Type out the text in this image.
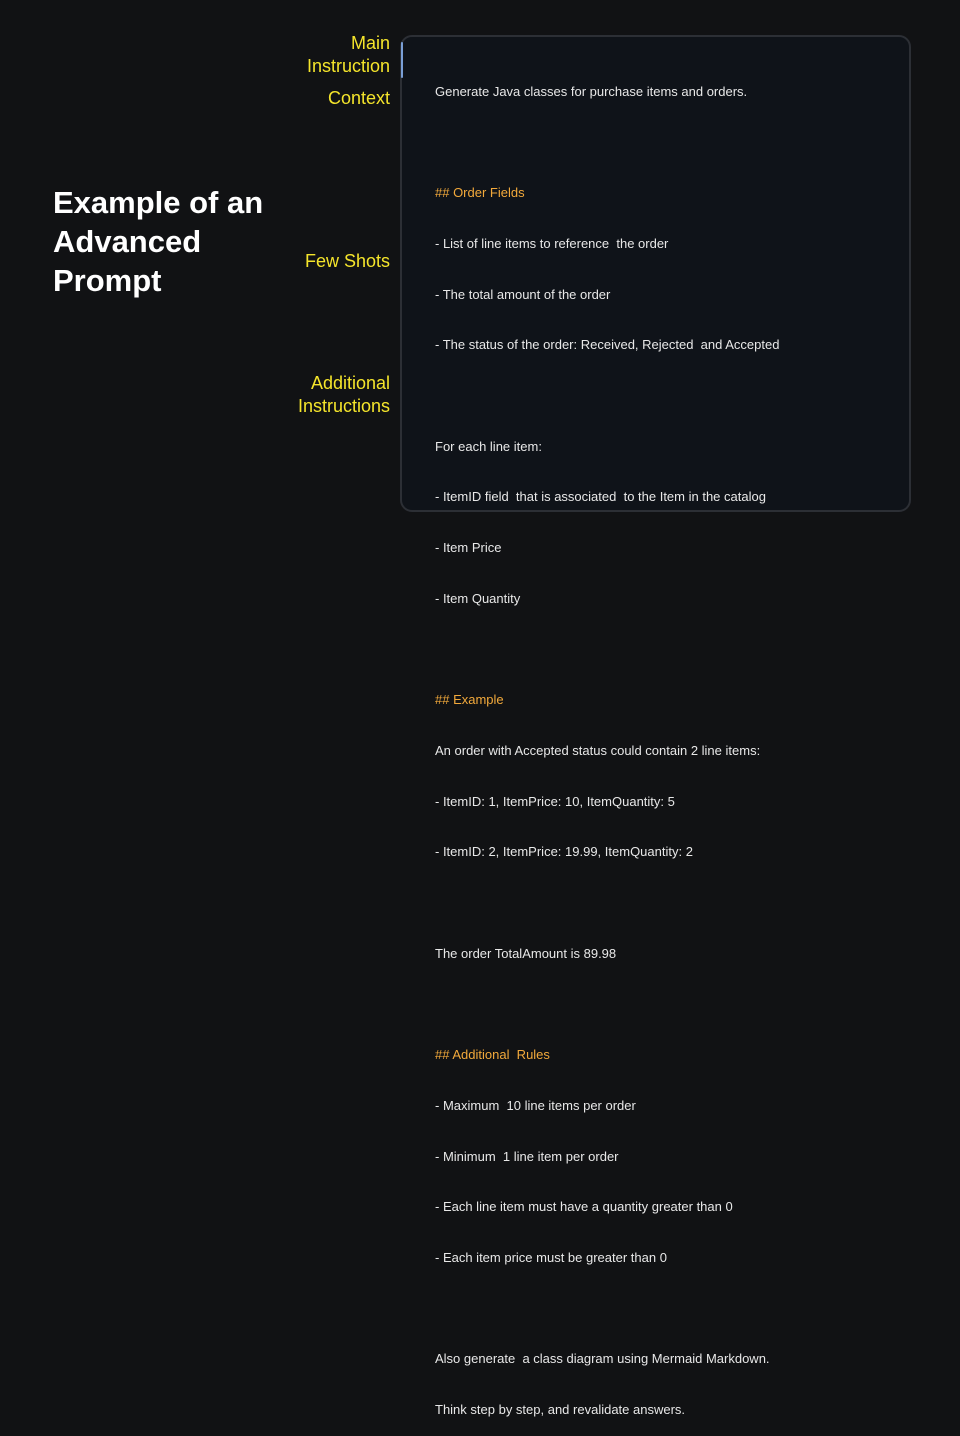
Example of an
Advanced
Prompt
Main
Instruction
Context
Few Shots
Additional
Instructions

Generate Java classes for purchase items and orders.

## Order Fields

- List of line items to reference  the order

- The total amount of the order

- The status of the order: Received, Rejected  and Accepted

For each line item:

- ItemID field  that is associated  to the Item in the catalog

- Item Price

- Item Quantity

## Example

An order with Accepted status could contain 2 line items:

- ItemID: 1, ItemPrice: 10, ItemQuantity: 5

- ItemID: 2, ItemPrice: 19.99, ItemQuantity: 2

The order TotalAmount is 89.98

## Additional  Rules

- Maximum  10 line items per order

- Minimum  1 line item per order

- Each line item must have a quantity greater than 0

- Each item price must be greater than 0

Also generate  a class diagram using Mermaid Markdown.

Think step by step, and revalidate answers.
